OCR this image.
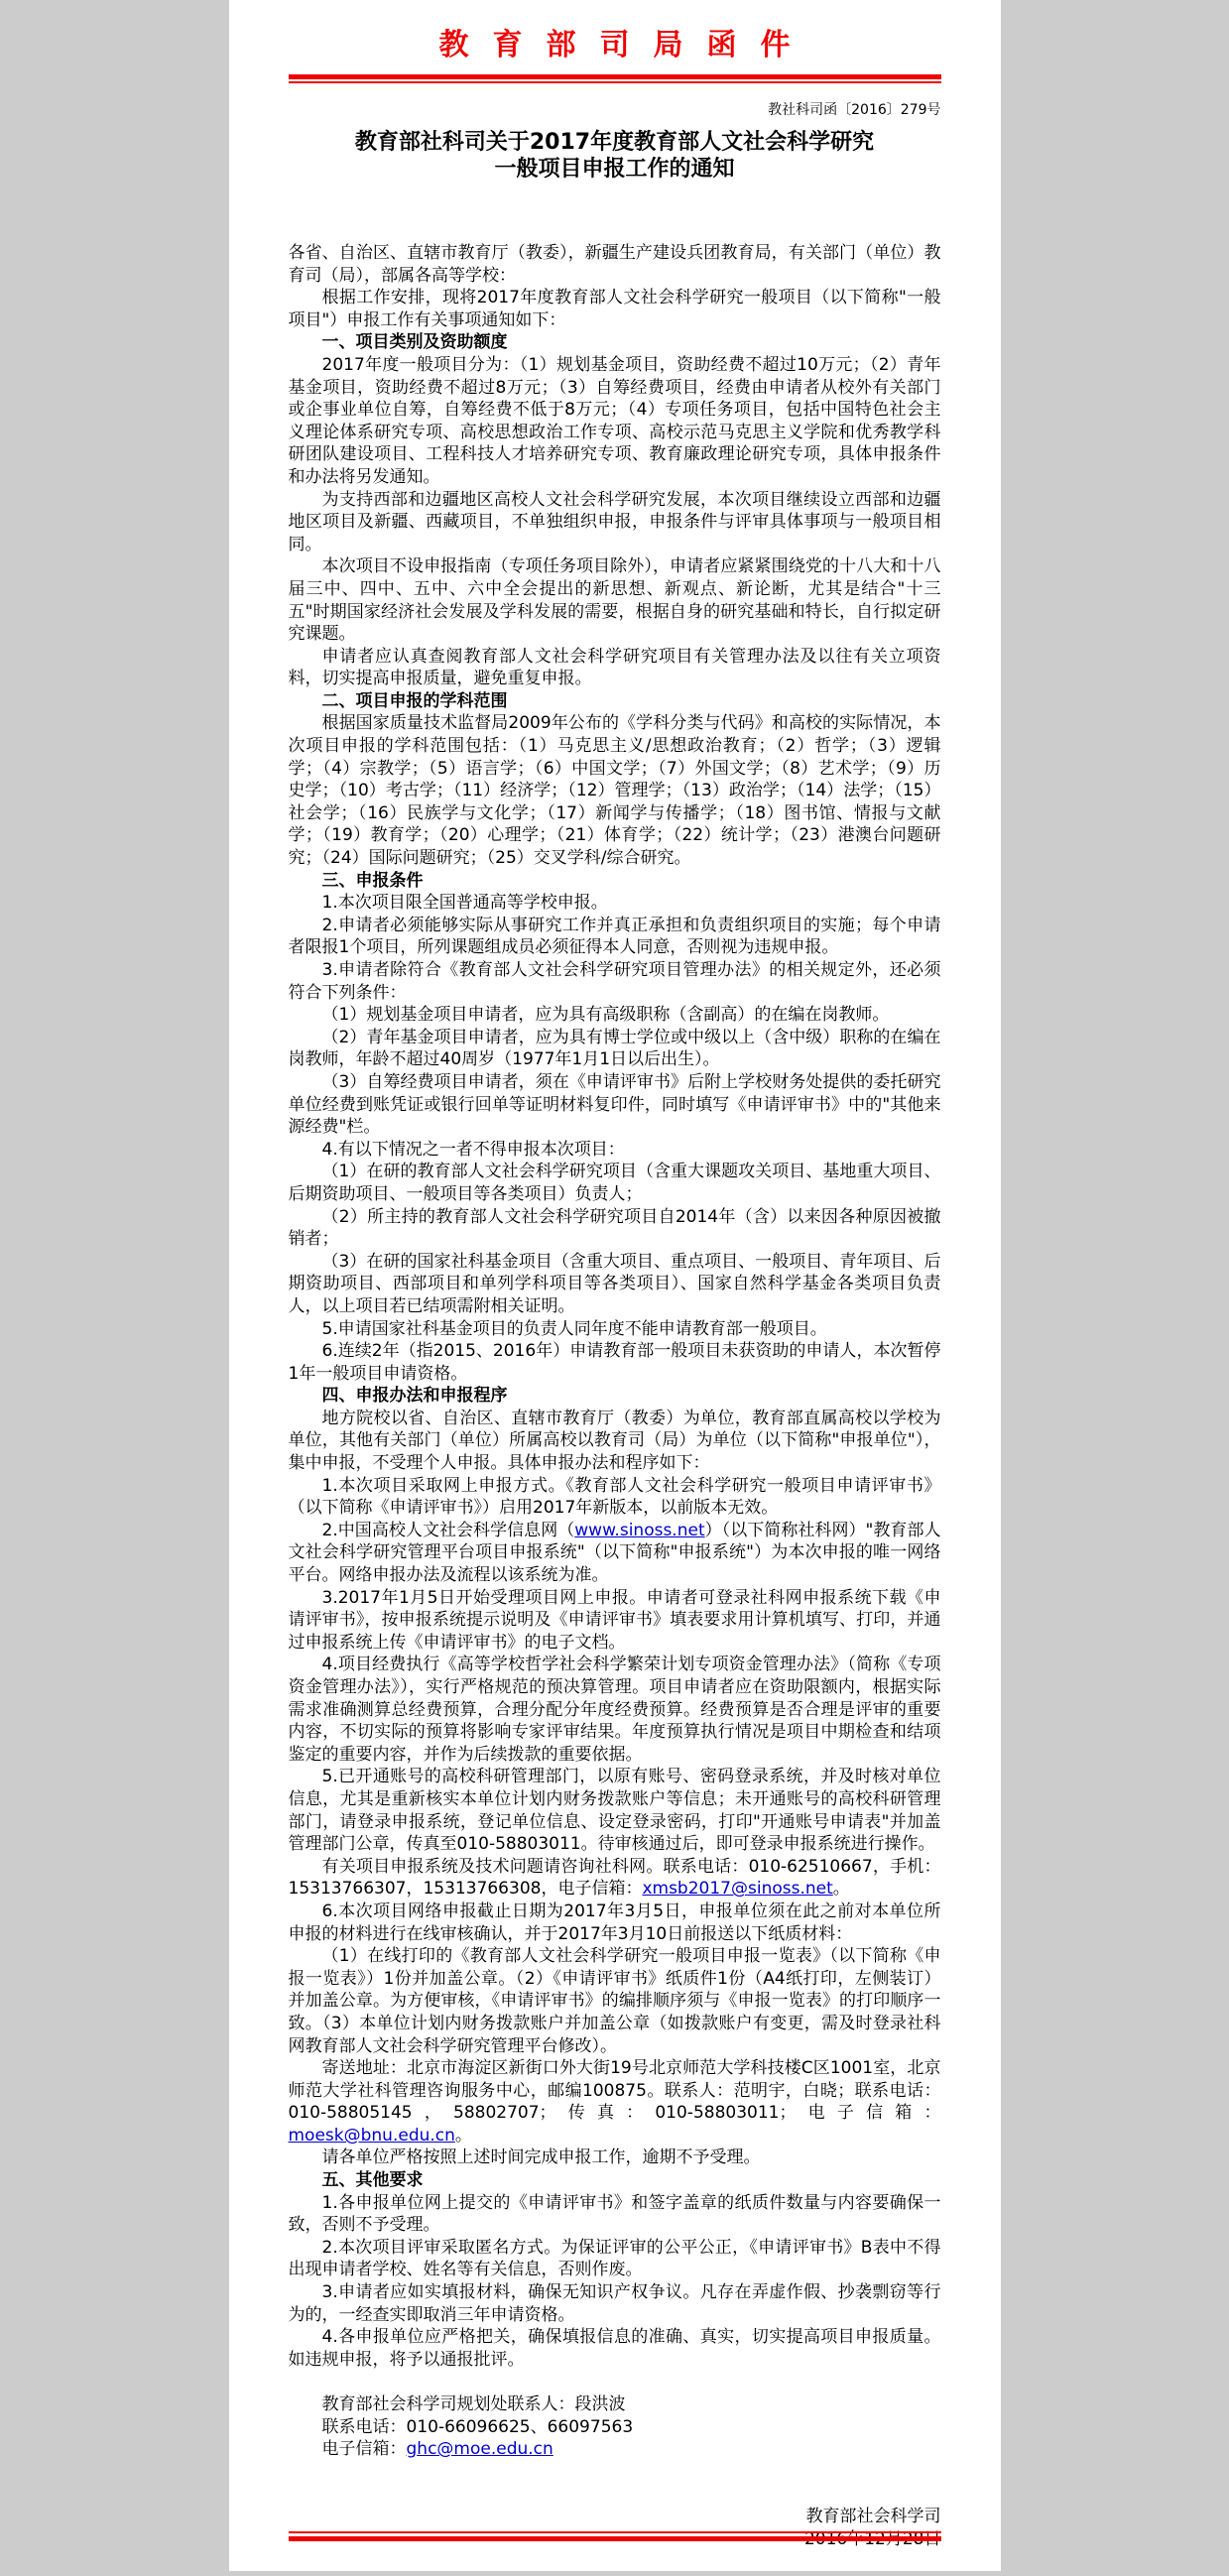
教育部司局函件
教社科司函〔2016〕279号
教育部社科司关于2017年度教育部人文社会科学研究
一般项目申报工作的通知
各省、自治区、直辖市教育厅（教委），新疆生产建设兵团教育局，有关部门（单位）教育司（局），部属各高等学校：
根据工作安排，现将2017年度教育部人文社会科学研究一般项目（以下简称"一般项目"）申报工作有关事项通知如下：
一、项目类别及资助额度
2017年度一般项目分为：（1）规划基金项目，资助经费不超过10万元；（2）青年基金项目，资助经费不超过8万元；（3）自筹经费项目，经费由申请者从校外有关部门或企事业单位自筹，自筹经费不低于8万元；（4）专项任务项目，包括中国特色社会主义理论体系研究专项、高校思想政治工作专项、高校示范马克思主义学院和优秀教学科研团队建设项目、工程科技人才培养研究专项、教育廉政理论研究专项，具体申报条件和办法将另发通知。
为支持西部和边疆地区高校人文社会科学研究发展，本次项目继续设立西部和边疆地区项目及新疆、西藏项目，不单独组织申报，申报条件与评审具体事项与一般项目相同。
本次项目不设申报指南（专项任务项目除外），申请者应紧紧围绕党的十八大和十八届三中、四中、五中、六中全会提出的新思想、新观点、新论断，尤其是结合"十三五"时期国家经济社会发展及学科发展的需要，根据自身的研究基础和特长，自行拟定研究课题。
申请者应认真查阅教育部人文社会科学研究项目有关管理办法及以往有关立项资料，切实提高申报质量，避免重复申报。
二、项目申报的学科范围
根据国家质量技术监督局2009年公布的《学科分类与代码》和高校的实际情况，本次项目申报的学科范围包括：（1）马克思主义/思想政治教育；（2）哲学；（3）逻辑学；（4）宗教学；（5）语言学；（6）中国文学；（7）外国文学；（8）艺术学；（9）历史学；（10）考古学；（11）经济学；（12）管理学；（13）政治学；（14）法学；（15）社会学；（16）民族学与文化学；（17）新闻学与传播学；（18）图书馆、情报与文献学；（19）教育学；（20）心理学；（21）体育学；（22）统计学；（23）港澳台问题研究；（24）国际问题研究；（25）交叉学科/综合研究。
三、申报条件
1.本次项目限全国普通高等学校申报。
2.申请者必须能够实际从事研究工作并真正承担和负责组织项目的实施；每个申请者限报1个项目，所列课题组成员必须征得本人同意，否则视为违规申报。
3.申请者除符合《教育部人文社会科学研究项目管理办法》的相关规定外，还必须符合下列条件：
（1）规划基金项目申请者，应为具有高级职称（含副高）的在编在岗教师。
（2）青年基金项目申请者，应为具有博士学位或中级以上（含中级）职称的在编在岗教师，年龄不超过40周岁（1977年1月1日以后出生）。
（3）自筹经费项目申请者，须在《申请评审书》后附上学校财务处提供的委托研究单位经费到账凭证或银行回单等证明材料复印件，同时填写《申请评审书》中的"其他来源经费"栏。
4.有以下情况之一者不得申报本次项目：
（1）在研的教育部人文社会科学研究项目（含重大课题攻关项目、基地重大项目、后期资助项目、一般项目等各类项目）负责人；
（2）所主持的教育部人文社会科学研究项目自2014年（含）以来因各种原因被撤销者；
（3）在研的国家社科基金项目（含重大项目、重点项目、一般项目、青年项目、后期资助项目、西部项目和单列学科项目等各类项目）、国家自然科学基金各类项目负责人，以上项目若已结项需附相关证明。
5.申请国家社科基金项目的负责人同年度不能申请教育部一般项目。
6.连续2年（指2015、2016年）申请教育部一般项目未获资助的申请人，本次暂停1年一般项目申请资格。
四、申报办法和申报程序
地方院校以省、自治区、直辖市教育厅（教委）为单位，教育部直属高校以学校为单位，其他有关部门（单位）所属高校以教育司（局）为单位（以下简称"申报单位"），集中申报，不受理个人申报。具体申报办法和程序如下：
1.本次项目采取网上申报方式。《教育部人文社会科学研究一般项目申请评审书》（以下简称《申请评审书》）启用2017年新版本，以前版本无效。
2.中国高校人文社会科学信息网（www.sinoss.net）（以下简称社科网）"教育部人文社会科学研究管理平台项目申报系统"（以下简称"申报系统"）为本次申报的唯一网络平台。网络申报办法及流程以该系统为准。
3.2017年1月5日开始受理项目网上申报。申请者可登录社科网申报系统下载《申请评审书》，按申报系统提示说明及《申请评审书》填表要求用计算机填写、打印，并通过申报系统上传《申请评审书》的电子文档。
4.项目经费执行《高等学校哲学社会科学繁荣计划专项资金管理办法》（简称《专项资金管理办法》），实行严格规范的预决算管理。项目申请者应在资助限额内，根据实际需求准确测算总经费预算，合理分配分年度经费预算。经费预算是否合理是评审的重要内容，不切实际的预算将影响专家评审结果。年度预算执行情况是项目中期检查和结项鉴定的重要内容，并作为后续拨款的重要依据。
5.已开通账号的高校科研管理部门，以原有账号、密码登录系统，并及时核对单位信息，尤其是重新核实本单位计划内财务拨款账户等信息；未开通账号的高校科研管理部门，请登录申报系统，登记单位信息、设定登录密码，打印"开通账号申请表"并加盖管理部门公章，传真至010-58803011。待审核通过后，即可登录申报系统进行操作。
有关项目申报系统及技术问题请咨询社科网。联系电话：010-62510667，手机：15313766307，15313766308，电子信箱：xmsb2017@sinoss.net。
6.本次项目网络申报截止日期为2017年3月5日，申报单位须在此之前对本单位所申报的材料进行在线审核确认，并于2017年3月10日前报送以下纸质材料：
（1）在线打印的《教育部人文社会科学研究一般项目申报一览表》（以下简称《申报一览表》）1份并加盖公章。（2）《申请评审书》纸质件1份（A4纸打印，左侧装订）并加盖公章。为方便审核，《申请评审书》的编排顺序须与《申报一览表》的打印顺序一致。（3）本单位计划内财务拨款账户并加盖公章（如拨款账户有变更，需及时登录社科网教育部人文社会科学研究管理平台修改）。
寄送地址：北京市海淀区新街口外大街19号北京师范大学科技楼C区1001室，北京师范大学社科管理咨询服务中心，邮编100875。联系人：范明宇，白晓；联系电话：010-58805145，58802707；传真：010-58803011；电子信箱：moesk@bnu.edu.cn。
请各单位严格按照上述时间完成申报工作，逾期不予受理。
五、其他要求
1.各申报单位网上提交的《申请评审书》和签字盖章的纸质件数量与内容要确保一致，否则不予受理。
2.本次项目评审采取匿名方式。为保证评审的公平公正，《申请评审书》B表中不得出现申请者学校、姓名等有关信息，否则作废。
3.申请者应如实填报材料，确保无知识产权争议。凡存在弄虚作假、抄袭剽窃等行为的，一经查实即取消三年申请资格。
4.各申报单位应严格把关，确保填报信息的准确、真实，切实提高项目申报质量。如违规申报，将予以通报批评。
教育部社会科学司规划处联系人：段洪波
联系电话：010-66096625、66097563
电子信箱：ghc@moe.edu.cn
教育部社会科学司
2016年12月28日
